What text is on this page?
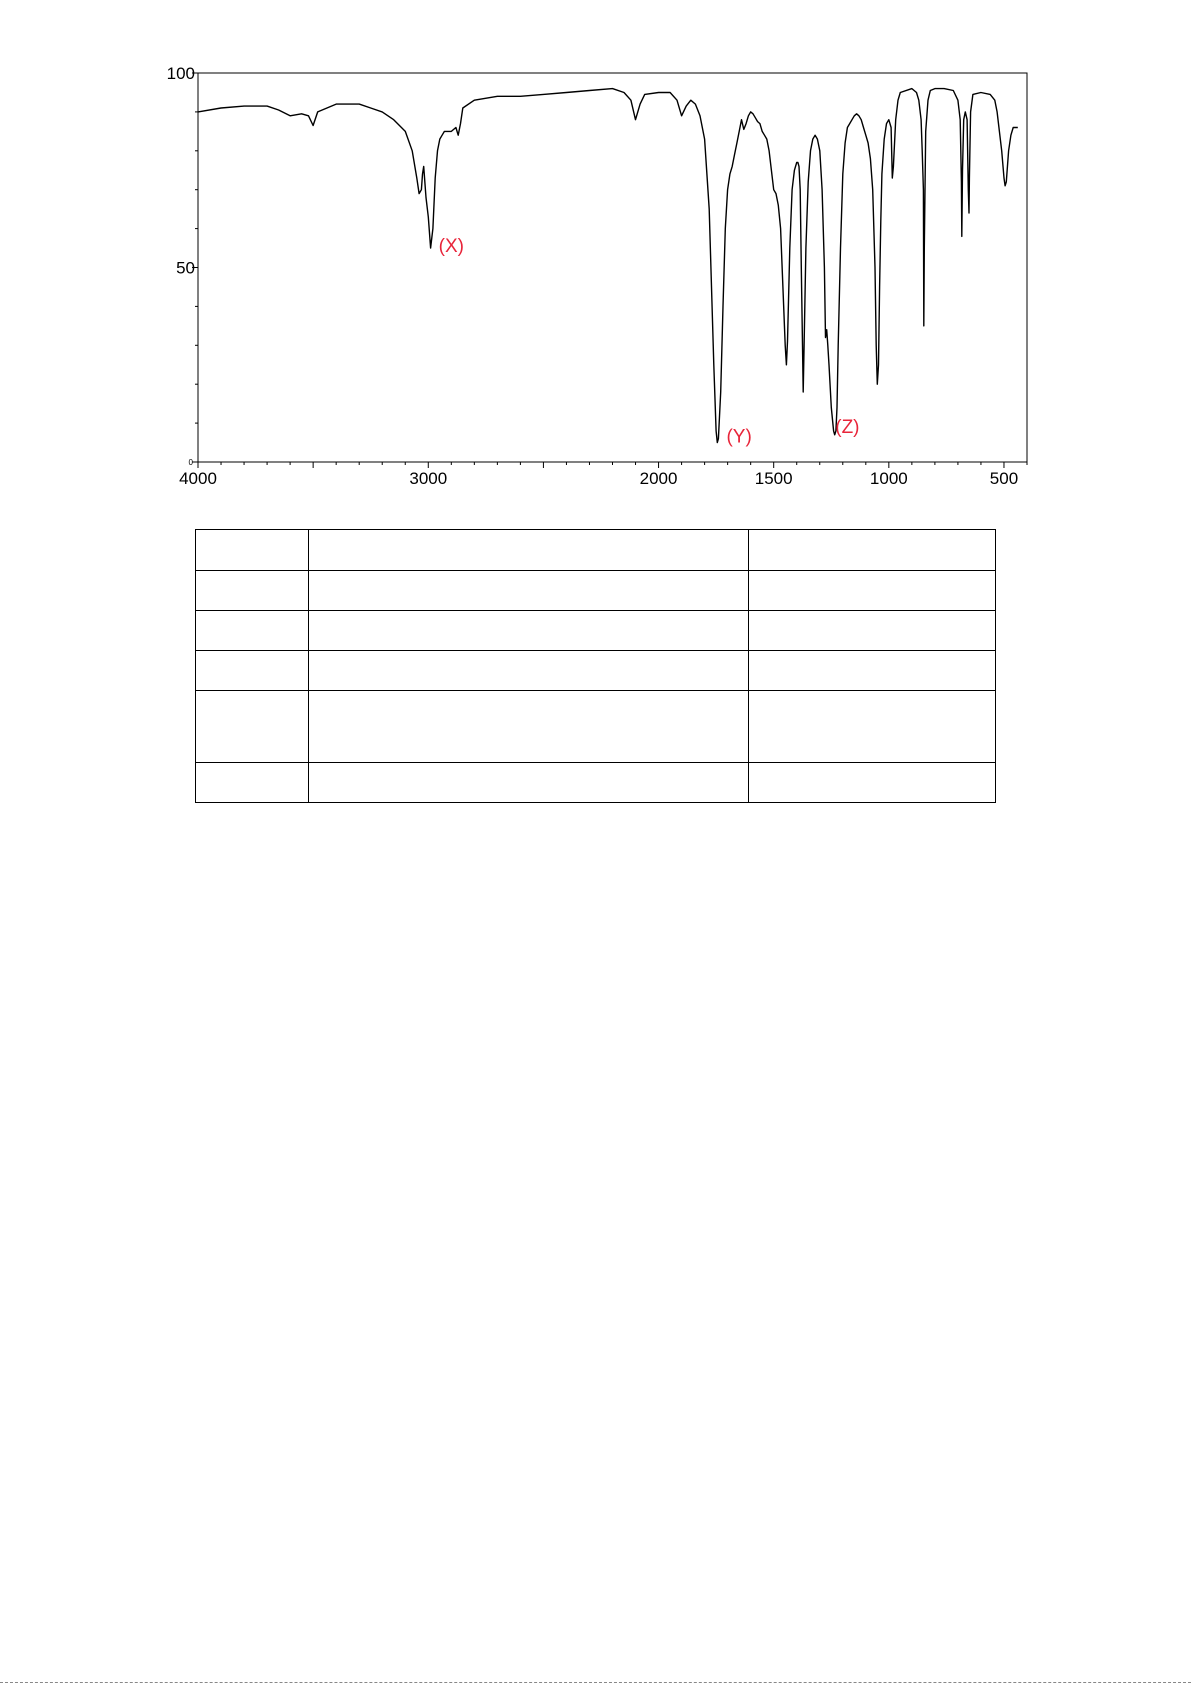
100
50
0
4000	3000	2000	1500	1000	500
(X)
(Y)	(Z)
